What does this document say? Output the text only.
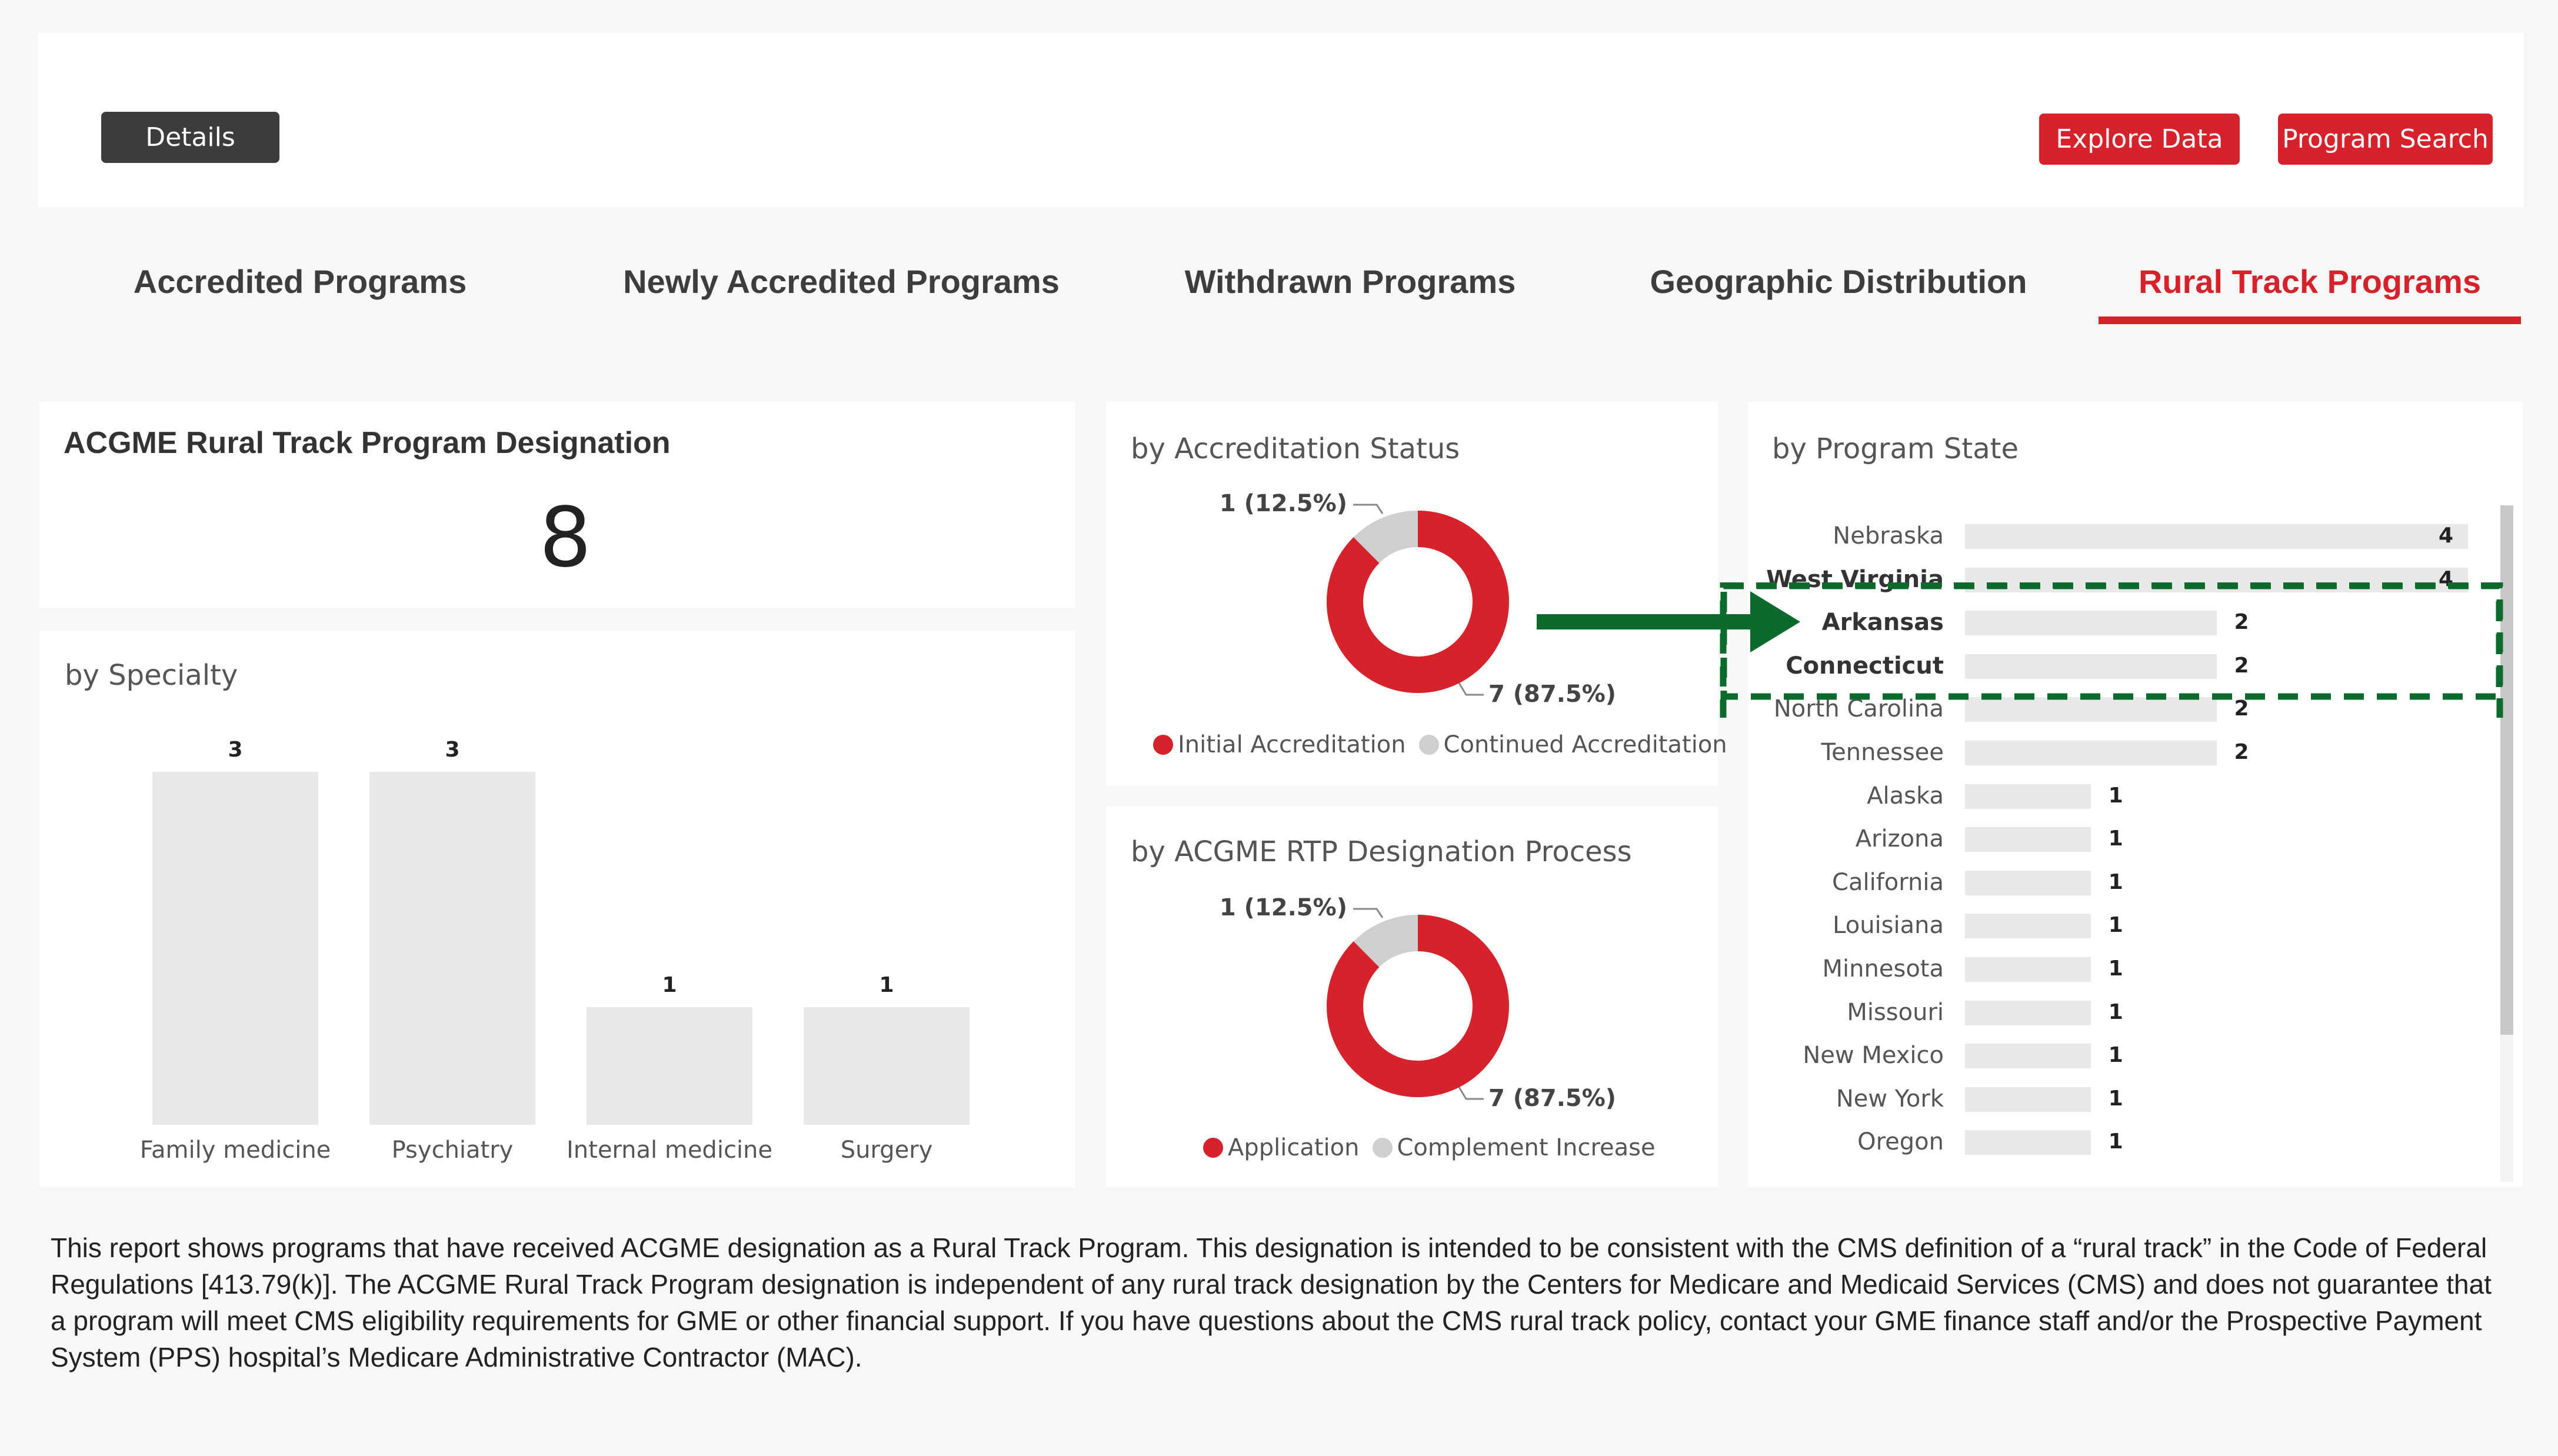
Details	Explore Data	Program Search
Accredited Programs	Newly Accredited Programs	Withdrawn Programs	Geographic Distribution	Rural Track Programs
ACGME Rural Track Program Designation
8
by Specialty
3
Family medicine
3
Psychiatry
1
Internal medicine
1
Surgery
by Accreditation Status
1 (12.5%)
7 (87.5%)
Initial Accreditation Continued Accreditation
by ACGME RTP Designation Process
1 (12.5%)
7 (87.5%)
Application Complement Increase
by Program State
Nebraska	4
West Virginia	4
Arkansas	2
Connecticut	2
North Carolina	2
Tennessee	2
Alaska	1
Arizona	1
California	1
Louisiana	1
Minnesota	1
Missouri	1
New Mexico	1
New York	1
Oregon	1
This report shows programs that have received ACGME designation as a Rural Track Program. This designation is intended to be consistent with the CMS definition of a “rural track” in the Code of Federal Regulations [413.79(k)]. The ACGME Rural Track Program designation is independent of any rural track designation by the Centers for Medicare and Medicaid Services (CMS) and does not guarantee that a program will meet CMS eligibility requirements for GME or other financial support. If you have questions about the CMS rural track policy, contact your GME finance staff and/or the Prospective Payment System (PPS) hospital’s Medicare Administrative Contractor (MAC).
